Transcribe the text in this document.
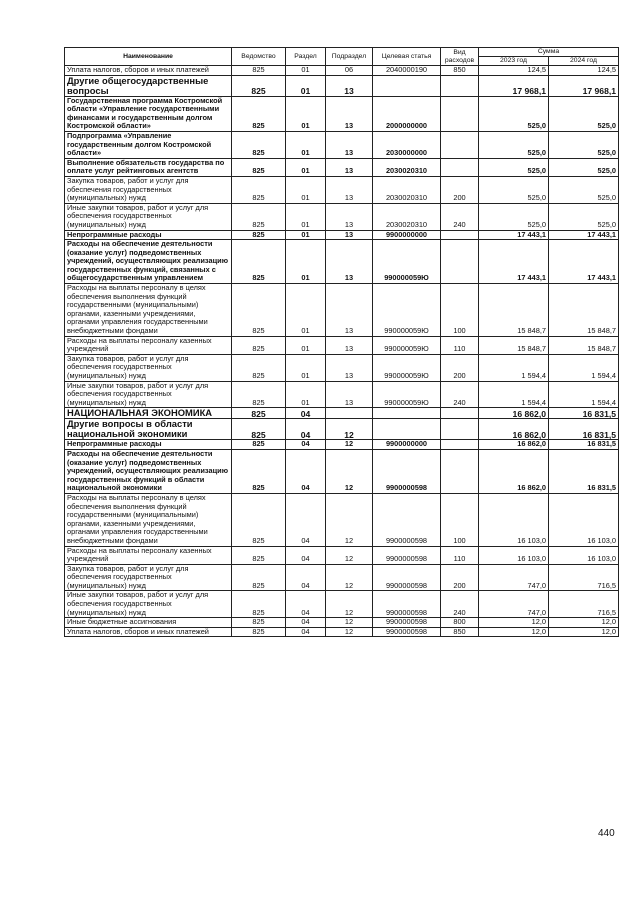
Наименование	Ведомство	Раздел	Подраздел	Целевая статья	Вид расходов	Сумма	
						2023 год	2024 год
Уплата налогов, сборов и иных платежей	825	01	06	2040000190	850	124,5	124,5
Другие общегосударственные вопросы	825	01	13			17 968,1	17 968,1
Государственная программа Костромской области «Управление государственными финансами и государственным долгом Костромской области»	825	01	13	2000000000		525,0	525,0
Подпрограмма «Управление государственным долгом Костромской области»	825	01	13	2030000000		525,0	525,0
Выполнение обязательств государства по оплате услуг рейтинговых агентств	825	01	13	2030020310		525,0	525,0
Закупка товаров, работ и услуг для обеспечения государственных (муниципальных) нужд	825	01	13	2030020310	200	525,0	525,0
Иные закупки товаров, работ и услуг для обеспечения государственных (муниципальных) нужд	825	01	13	2030020310	240	525,0	525,0
Непрограммные расходы	825	01	13	9900000000		17 443,1	17 443,1
Расходы на обеспечение деятельности (оказание услуг) подведомственных учреждений, осуществляющих реализацию государственных функций, связанных с общегосударственным управлением	825	01	13	990000059Ю		17 443,1	17 443,1
Расходы на выплаты персоналу в целях обеспечения выполнения функций государственными (муниципальными) органами, казенными учреждениями, органами управления государственными внебюджетными фондами	825	01	13	990000059Ю	100	15 848,7	15 848,7
Расходы на выплаты персоналу казенных учреждений	825	01	13	990000059Ю	110	15 848,7	15 848,7
Закупка товаров, работ и услуг для обеспечения государственных (муниципальных) нужд	825	01	13	990000059Ю	200	1 594,4	1 594,4
Иные закупки товаров, работ и услуг для обеспечения государственных (муниципальных) нужд	825	01	13	990000059Ю	240	1 594,4	1 594,4
НАЦИОНАЛЬНАЯ ЭКОНОМИКА	825	04				16 862,0	16 831,5
Другие вопросы в области национальной экономики	825	04	12			16 862,0	16 831,5
Непрограммные расходы	825	04	12	9900000000		16 862,0	16 831,5
Расходы на обеспечение деятельности (оказание услуг) подведомственных учреждений, осуществляющих реализацию государственных функций в области национальной экономики	825	04	12	9900000598		16 862,0	16 831,5
Расходы на выплаты персоналу в целях обеспечения выполнения функций государственными (муниципальными) органами, казенными учреждениями, органами управления государственными внебюджетными фондами	825	04	12	9900000598	100	16 103,0	16 103,0
Расходы на выплаты персоналу казенных учреждений	825	04	12	9900000598	110	16 103,0	16 103,0
Закупка товаров, работ и услуг для обеспечения государственных (муниципальных) нужд	825	04	12	9900000598	200	747,0	716,5
Иные закупки товаров, работ и услуг для обеспечения государственных (муниципальных) нужд	825	04	12	9900000598	240	747,0	716,5
Иные бюджетные ассигнования	825	04	12	9900000598	800	12,0	12,0
Уплата налогов, сборов и иных платежей	825	04	12	9900000598	850	12,0	12,0
440
